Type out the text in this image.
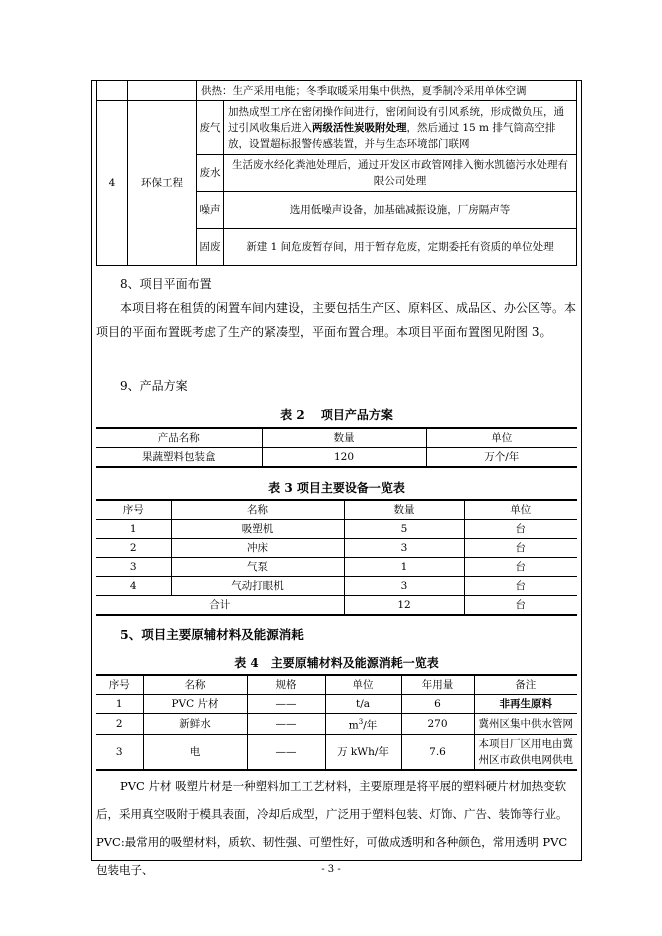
		供热：生产采用电能；冬季取暖采用集中供热，夏季制冷采用单体空调	
4	环保工程	废气	加热成型工序在密闭操作间进行，密闭间设有引风系统，形成微负压，通过引风收集后进入两级活性炭吸附处理，然后通过 15 m 排气筒高空排放，设置超标报警传感装置，并与生态环境部门联网
		废水	生活废水经化粪池处理后，通过开发区市政管网排入衡水凯德污水处理有限公司处理
		噪声	选用低噪声设备，加基础减振设施，厂房隔声等
		固废	新建 1 间危废暂存间，用于暂存危废，定期委托有资质的单位处理
8、项目平面布置
本项目将在租赁的闲置车间内建设，主要包括生产区、原料区、成品区、办公区等。本项目的平面布置既考虑了生产的紧凑型，平面布置合理。本项目平面布置图见附图 3。
9、产品方案
表 2　 项目产品方案
产品名称	数量	单位
果蔬塑料包装盒	120	万个/年
表 3 项目主要设备一览表
序号	名称	数量	单位
1	吸塑机	5	台
2	冲床	3	台
3	气泵	1	台
4	气动打眼机	3	台
合计		12	台
5、项目主要原辅材料及能源消耗
表 4　主要原辅材料及能源消耗一览表
序号	名称	规格	单位	年用量	备注
1	PVC 片材	——	t/a	6	非再生原料
2	新鲜水	——	$m^3/$年	270	冀州区集中供水管网
3	电	——	万 kWh/年	7.6	本项目厂区用电由冀州区市政供电网供电
PVC 片材 吸塑片材是一种塑料加工工艺材料，主要原理是将平展的塑料硬片材加热变软后，采用真空吸附于模具表面，冷却后成型，广泛用于塑料包装、灯饰、广告、装饰等行业。PVC:最常用的吸塑材料，质软、韧性强、可塑性好，可做成透明和各种颜色，常用透明 PVC 包装电子、	- 3 -
